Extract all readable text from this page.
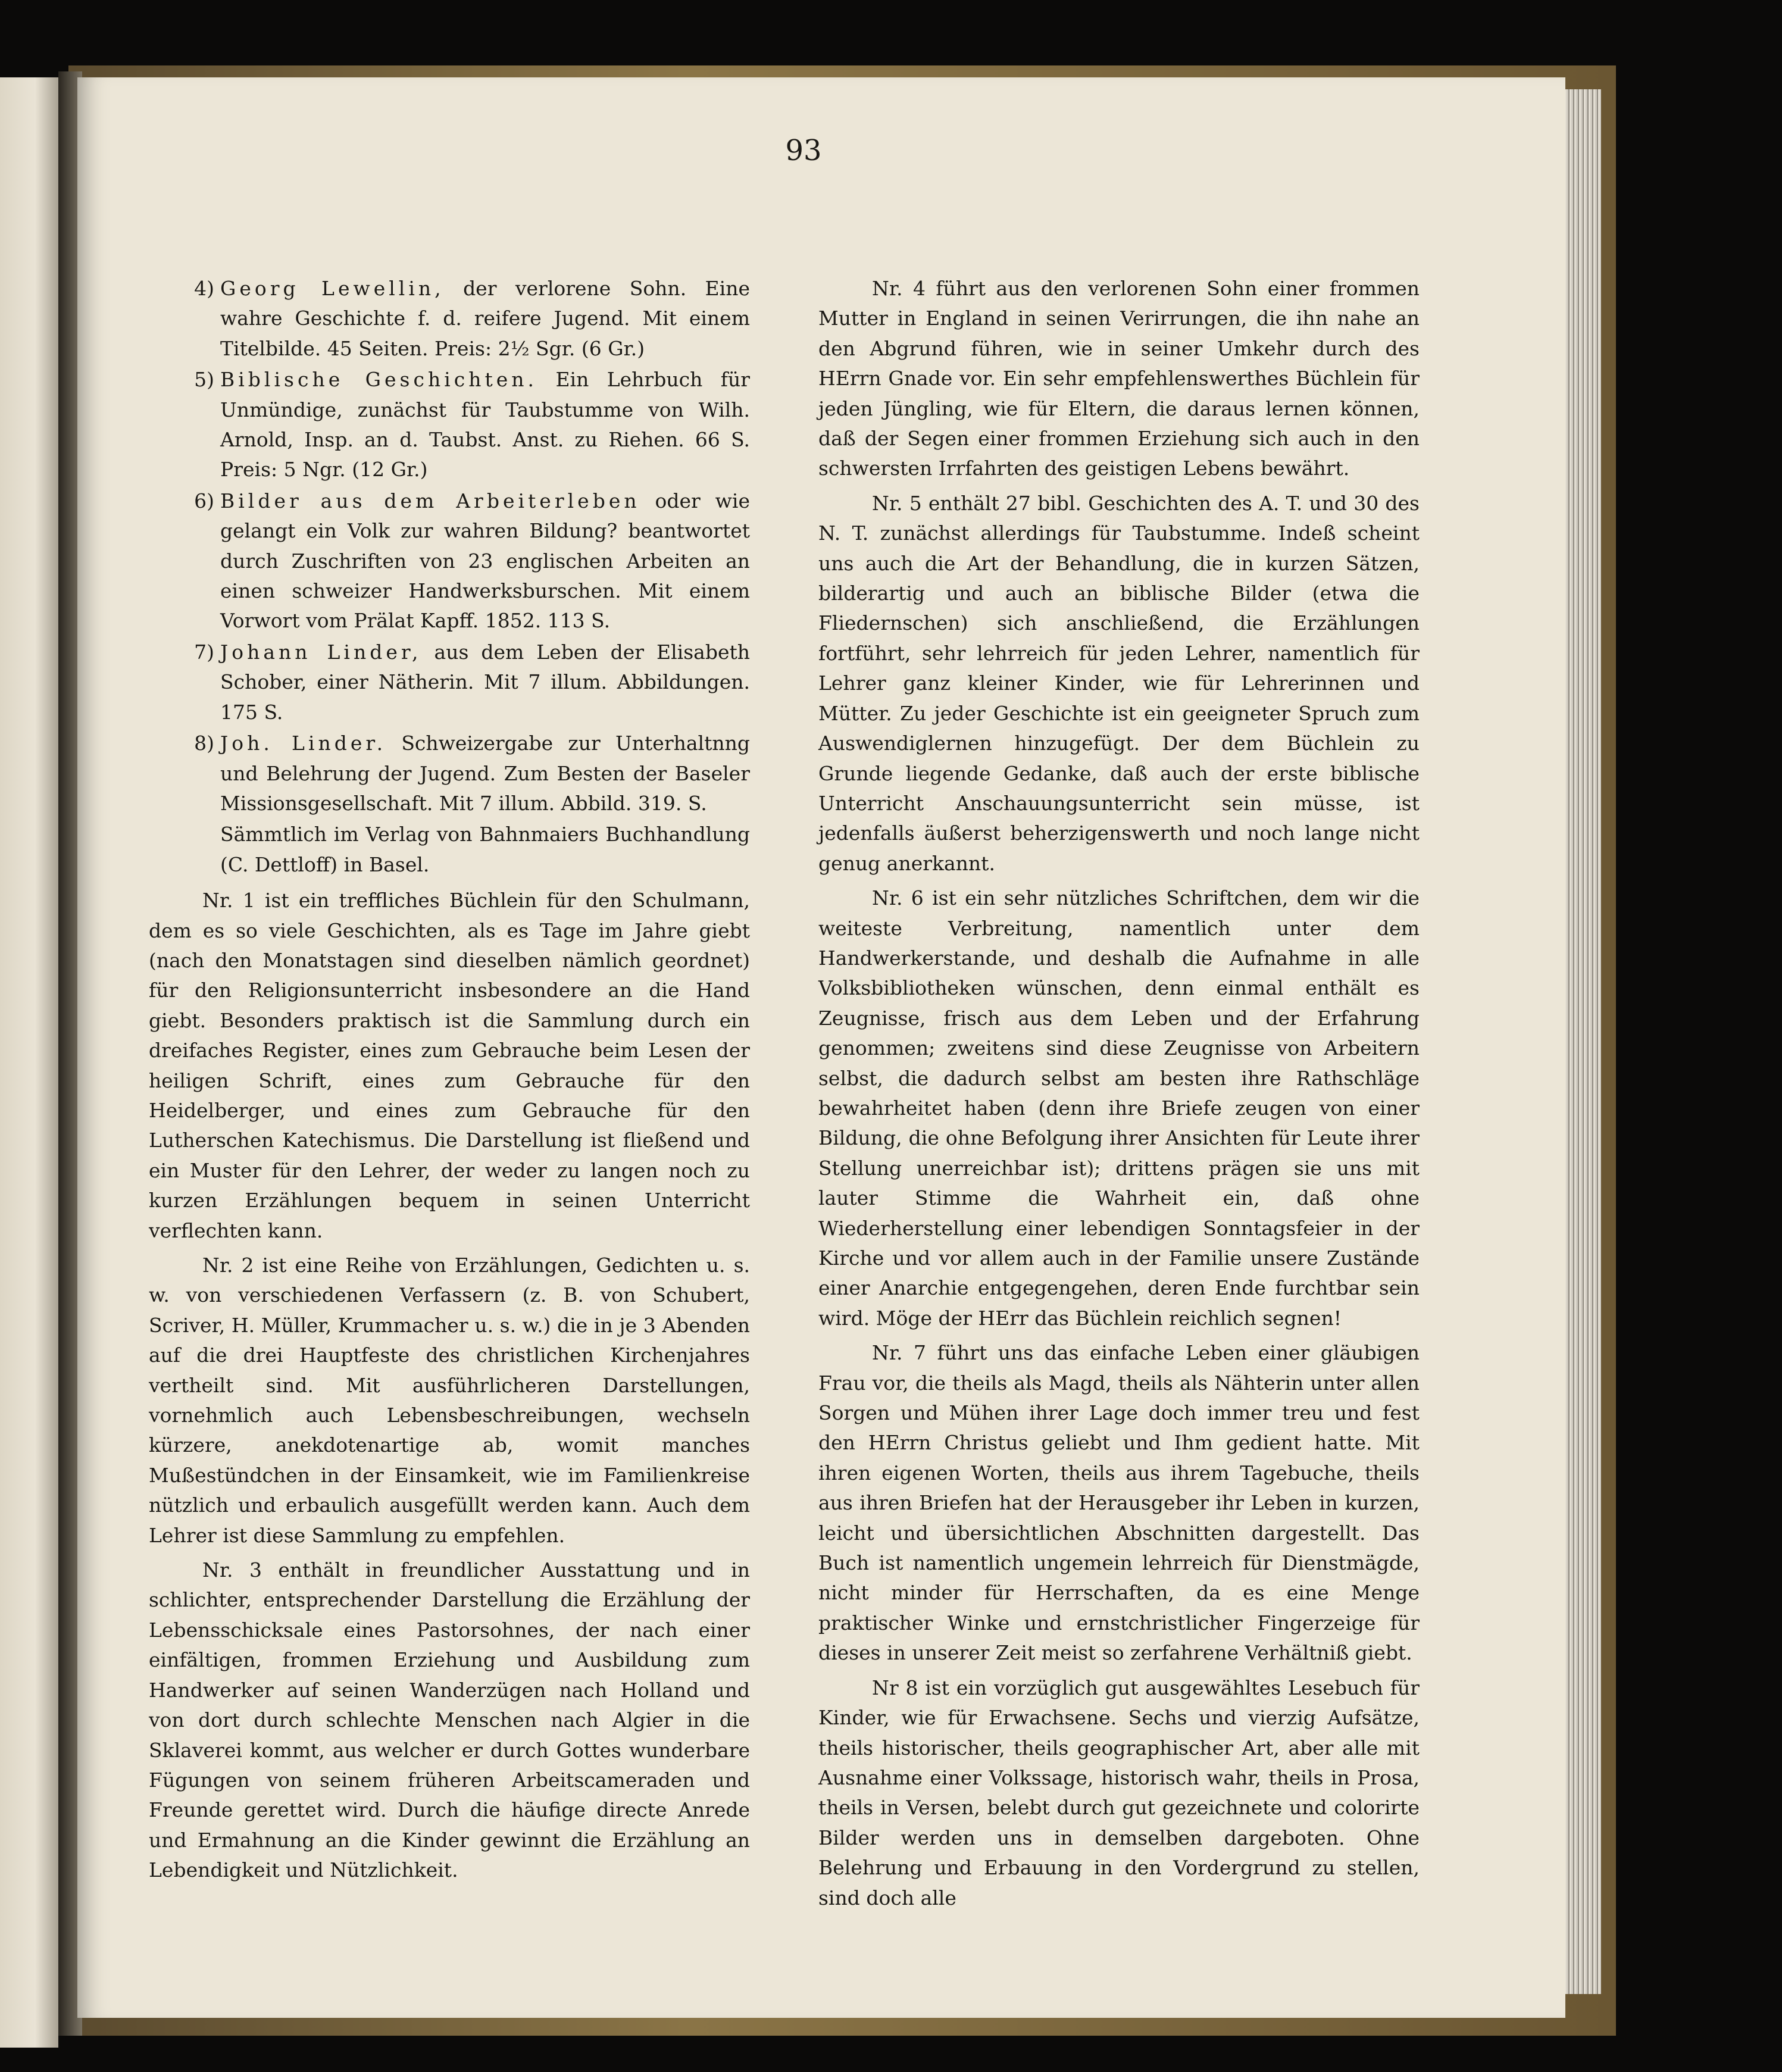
93
4) Georg Lewellin, der verlorene Sohn. Eine wahre Geschichte f. d. reifere Jugend. Mit einem Titelbilde. 45 Seiten. Preis: 2½ Sgr. (6 Gr.)
5) Biblische Geschichten. Ein Lehrbuch für Unmündige, zunächst für Taubstumme von Wilh. Arnold, Insp. an d. Taubst. Anst. zu Riehen. 66 S. Preis: 5 Ngr. (12 Gr.)
6) Bilder aus dem Arbeiterleben oder wie gelangt ein Volk zur wahren Bildung? beantwortet durch Zuschriften von 23 englischen Arbeiten an einen schweizer Handwerksburschen. Mit einem Vorwort vom Prälat Kapff. 1852. 113 S.
7) Johann Linder, aus dem Leben der Elisabeth Schober, einer Nätherin. Mit 7 illum. Abbildungen. 175 S.
8) Joh. Linder. Schweizergabe zur Unterhaltnng und Belehrung der Jugend. Zum Besten der Baseler Missionsgesellschaft. Mit 7 illum. Abbild. 319. S.
Sämmtlich im Verlag von Bahnmaiers Buchhandlung (C. Dettloff) in Basel.

Nr. 1 ist ein treffliches Büchlein für den Schulmann, dem es so viele Geschichten, als es Tage im Jahre giebt (nach den Monatstagen sind dieselben nämlich geordnet) für den Religionsunterricht insbesondere an die Hand giebt. Besonders praktisch ist die Sammlung durch ein dreifaches Register, eines zum Gebrauche beim Lesen der heiligen Schrift, eines zum Gebrauche für den Heidelberger, und eines zum Gebrauche für den Lutherschen Katechismus. Die Darstellung ist fließend und ein Muster für den Lehrer, der weder zu langen noch zu kurzen Erzählungen bequem in seinen Unterricht verflechten kann.

Nr. 2 ist eine Reihe von Erzählungen, Gedichten u. s. w. von verschiedenen Verfassern (z. B. von Schubert, Scriver, H. Müller, Krummacher u. s. w.) die in je 3 Abenden auf die drei Hauptfeste des christlichen Kirchenjahres vertheilt sind. Mit ausführlicheren Darstellungen, vornehmlich auch Lebensbeschreibungen, wechseln kürzere, anekdotenartige ab, womit manches Mußestündchen in der Einsamkeit, wie im Familienkreise nützlich und erbaulich ausgefüllt werden kann. Auch dem Lehrer ist diese Sammlung zu empfehlen.

Nr. 3 enthält in freundlicher Ausstattung und in schlichter, entsprechender Darstellung die Erzählung der Lebensschicksale eines Pastorsohnes, der nach einer einfältigen, frommen Erziehung und Ausbildung zum Handwerker auf seinen Wanderzügen nach Holland und von dort durch schlechte Menschen nach Algier in die Sklaverei kommt, aus welcher er durch Gottes wunderbare Fügungen von seinem früheren Arbeitscameraden und Freunde gerettet wird. Durch die häufige directe Anrede und Ermahnung an die Kinder gewinnt die Erzählung an Lebendigkeit und Nützlichkeit.

Nr. 4 führt aus den verlorenen Sohn einer frommen Mutter in England in seinen Verirrungen, die ihn nahe an den Abgrund führen, wie in seiner Umkehr durch des HErrn Gnade vor. Ein sehr empfehlenswerthes Büchlein für jeden Jüngling, wie für Eltern, die daraus lernen können, daß der Segen einer frommen Erziehung sich auch in den schwersten Irrfahrten des geistigen Lebens bewährt.

Nr. 5 enthält 27 bibl. Geschichten des A. T. und 30 des N. T. zunächst allerdings für Taubstumme. Indeß scheint uns auch die Art der Behandlung, die in kurzen Sätzen, bilderartig und auch an biblische Bilder (etwa die Fliedernschen) sich anschließend, die Erzählungen fortführt, sehr lehrreich für jeden Lehrer, namentlich für Lehrer ganz kleiner Kinder, wie für Lehrerinnen und Mütter. Zu jeder Geschichte ist ein geeigneter Spruch zum Auswendiglernen hinzugefügt. Der dem Büchlein zu Grunde liegende Gedanke, daß auch der erste biblische Unterricht Anschauungsunterricht sein müsse, ist jedenfalls äußerst beherzigenswerth und noch lange nicht genug anerkannt.

Nr. 6 ist ein sehr nützliches Schriftchen, dem wir die weiteste Verbreitung, namentlich unter dem Handwerkerstande, und deshalb die Aufnahme in alle Volksbibliotheken wünschen, denn einmal enthält es Zeugnisse, frisch aus dem Leben und der Erfahrung genommen; zweitens sind diese Zeugnisse von Arbeitern selbst, die dadurch selbst am besten ihre Rathschläge bewahrheitet haben (denn ihre Briefe zeugen von einer Bildung, die ohne Befolgung ihrer Ansichten für Leute ihrer Stellung unerreichbar ist); drittens prägen sie uns mit lauter Stimme die Wahrheit ein, daß ohne Wiederherstellung einer lebendigen Sonntagsfeier in der Kirche und vor allem auch in der Familie unsere Zustände einer Anarchie entgegengehen, deren Ende furchtbar sein wird. Möge der HErr das Büchlein reichlich segnen!

Nr. 7 führt uns das einfache Leben einer gläubigen Frau vor, die theils als Magd, theils als Nähterin unter allen Sorgen und Mühen ihrer Lage doch immer treu und fest den HErrn Christus geliebt und Ihm gedient hatte. Mit ihren eigenen Worten, theils aus ihrem Tagebuche, theils aus ihren Briefen hat der Herausgeber ihr Leben in kurzen, leicht und übersichtlichen Abschnitten dargestellt. Das Buch ist namentlich ungemein lehrreich für Dienstmägde, nicht minder für Herrschaften, da es eine Menge praktischer Winke und ernstchristlicher Fingerzeige für dieses in unserer Zeit meist so zerfahrene Verhältniß giebt.

Nr 8 ist ein vorzüglich gut ausgewähltes Lesebuch für Kinder, wie für Erwachsene. Sechs und vierzig Aufsätze, theils historischer, theils geographischer Art, aber alle mit Ausnahme einer Volkssage, historisch wahr, theils in Prosa, theils in Versen, belebt durch gut gezeichnete und colorirte Bilder werden uns in demselben dargeboten. Ohne Belehrung und Erbauung in den Vordergrund zu stellen, sind doch alle
